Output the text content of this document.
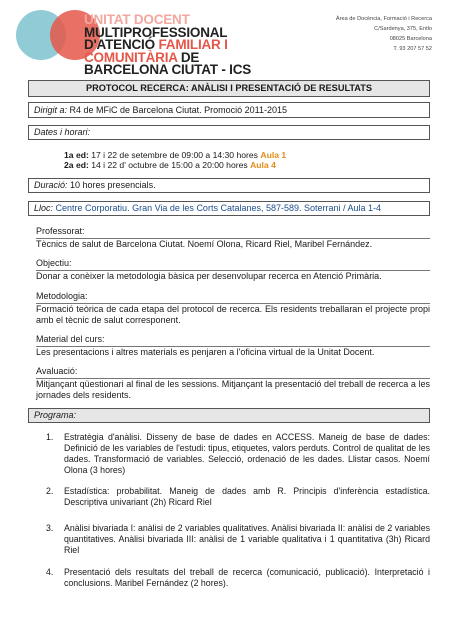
UNITAT DOCENT MULTIPROFESSIONAL
D'ATENCIÓ FAMILIAR I COMUNITÀRIA DE
BARCELONA CIUTAT - ICS
Àrea de Docència, Formació i Recerca
C/Sardenya, 375, Entlo
08025 Barcelona
T. 93 207 57 52
PROTOCOL RECERCA: ANÀLISI I PRESENTACIÓ DE RESULTATS
Dirigit a: R4 de MFiC de Barcelona Ciutat. Promoció 2011-2015
Dates i horari:
1a ed: 17 i 22 de setembre de 09:00 a 14:30 hores Aula 1
2a ed: 14 i 22 d' octubre de 15:00 a 20:00 hores Aula 4
Duració: 10 hores presencials.
Lloc: Centre Corporatiu. Gran Via de les Corts Catalanes, 587-589. Soterrani / Aula 1-4
Professorat:
Tècnics de salut de Barcelona Ciutat. Noemí Olona, Ricard Riel, Maribel Fernández.
Objectiu:
Donar a conèixer la metodologia bàsica per desenvolupar recerca en Atenció Primària.
Metodologia:
Formació teòrica de cada etapa del protocol de recerca. Els residents treballaran el projecte propi amb el tècnic de salut corresponent.
Material del curs:
Les presentacions i altres materials es penjaren a l'oficina virtual de la Unitat Docent.
Avaluació:
Mitjançant qüestionari al final de les sessions. Mitjançant la presentació del treball de recerca a les jornades dels residents.
Programa:
1.	Estratègia d'anàlisi. Disseny de base de dades en ACCESS. Maneig de base de dades: Definició de les variables de l'estudi: tipus, etiquetes, valors perduts. Control de qualitat de les dades. Transformació de variables. Selecció, ordenació de les dades. Llistar casos. Noemí Olona (3 hores)
2.	Estadística: probabilitat. Maneig de dades amb R. Principis d'inferència estadística. Descriptiva univariant (2h) Ricard Riel
3.	Anàlisi bivariada I: anàlisi de 2 variables qualitatives. Anàlisi bivariada II: anàlisi de 2 variables quantitatives. Anàlisi bivariada III: anàlisi de 1 variable qualitativa i 1 quantitativa (3h) Ricard Riel
4.	Presentació dels resultats del treball de recerca (comunicació, publicació). Interpretació i conclusions. Maribel Fernández (2 hores).
